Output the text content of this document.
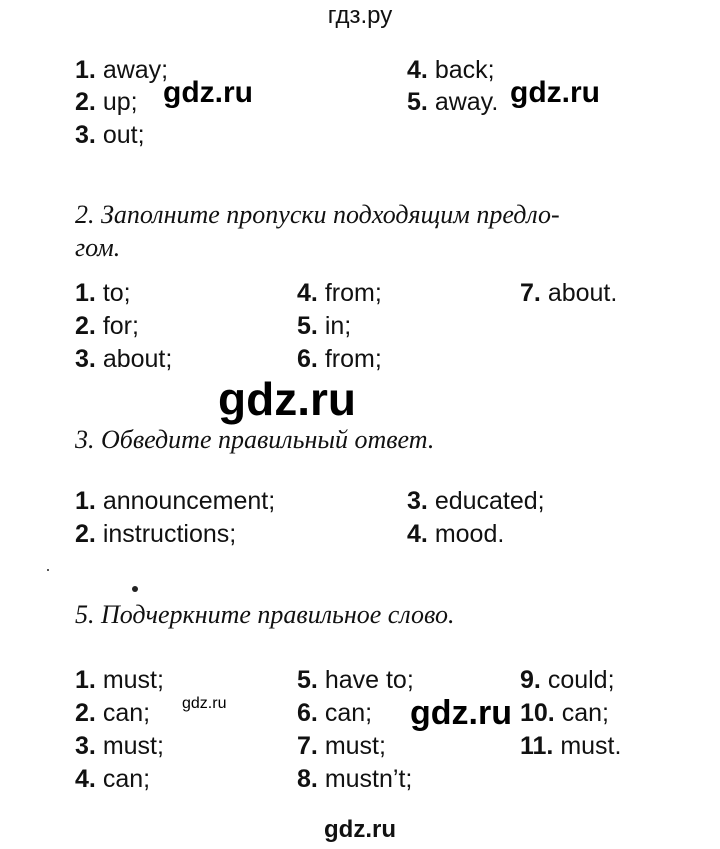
гдз.ру
1. away;
2. up;
3. out;
4. back;
5. away.
gdz.ru	gdz.ru
2. Заполните пропуски подходящим предло-
гом.
1. to;
2. for;
3. about;
4. from;
5. in;
6. from;
7. about.
gdz.ru
3. Обведите правильный ответ.
1. announcement;
2. instructions;
3. educated;
4. mood.
5. Подчеркните правильное слово.
1. must;
2. can;
3. must;
4. can;
5. have to;
6. can;
7. must;
8. mustn’t;
9. could;
11. must.
gdz.ru 10. can;
gdz.ru
gdz.ru
